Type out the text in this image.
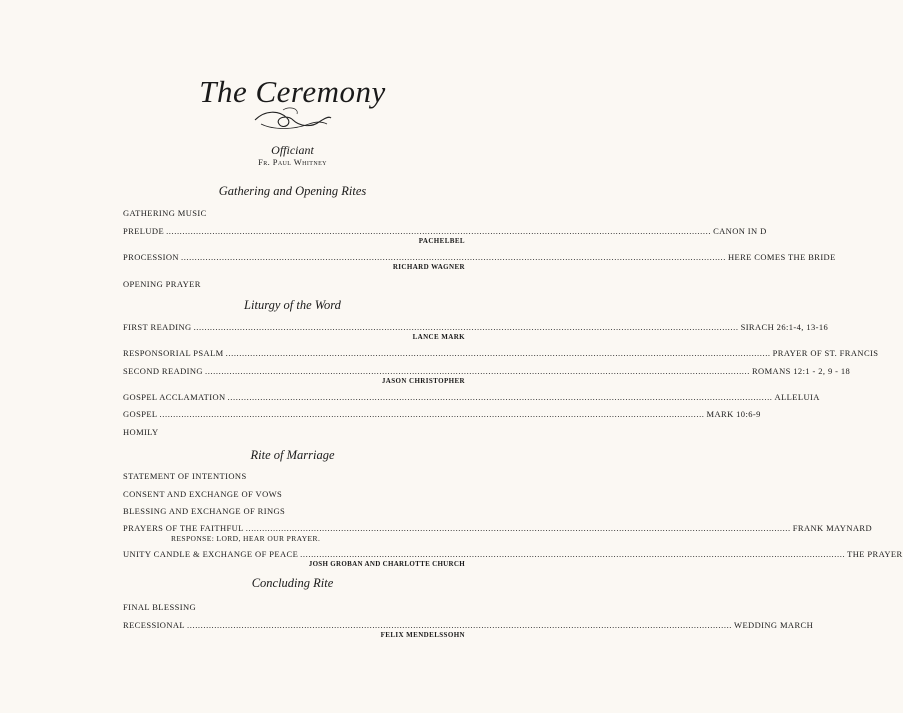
The Ceremony
Officiant
Fr. Paul Whitney
Gathering and Opening Rites
GATHERING MUSIC
PRELUDE ........................................................................................................................................................................................................ CANON IN D
PACHELBEL
PROCESSION ........................................................................................................................................................................................................ HERE COMES THE BRIDE
RICHARD WAGNER
OPENING PRAYER
Liturgy of the Word
FIRST READING ........................................................................................................................................................................................................ SIRACH 26:1-4, 13-16
LANCE MARK
RESPONSORIAL PSALM ........................................................................................................................................................................................................ PRAYER OF ST. FRANCIS
SECOND READING ........................................................................................................................................................................................................ ROMANS 12:1 - 2, 9 - 18
JASON CHRISTOPHER
GOSPEL ACCLAMATION ........................................................................................................................................................................................................ ALLELUIA
GOSPEL ........................................................................................................................................................................................................ MARK 10:6-9
HOMILY
Rite of Marriage
STATEMENT OF INTENTIONS
CONSENT AND EXCHANGE OF VOWS
BLESSING AND EXCHANGE OF RINGS
PRAYERS OF THE FAITHFUL ........................................................................................................................................................................................................ FRANK MAYNARD
RESPONSE: LORD, HEAR OUR PRAYER.
UNITY CANDLE & EXCHANGE OF PEACE ........................................................................................................................................................................................................ THE PRAYER
JOSH GROBAN AND CHARLOTTE CHURCH
Concluding Rite
FINAL BLESSING
RECESSIONAL ........................................................................................................................................................................................................ WEDDING MARCH
FELIX MENDELSSOHN
